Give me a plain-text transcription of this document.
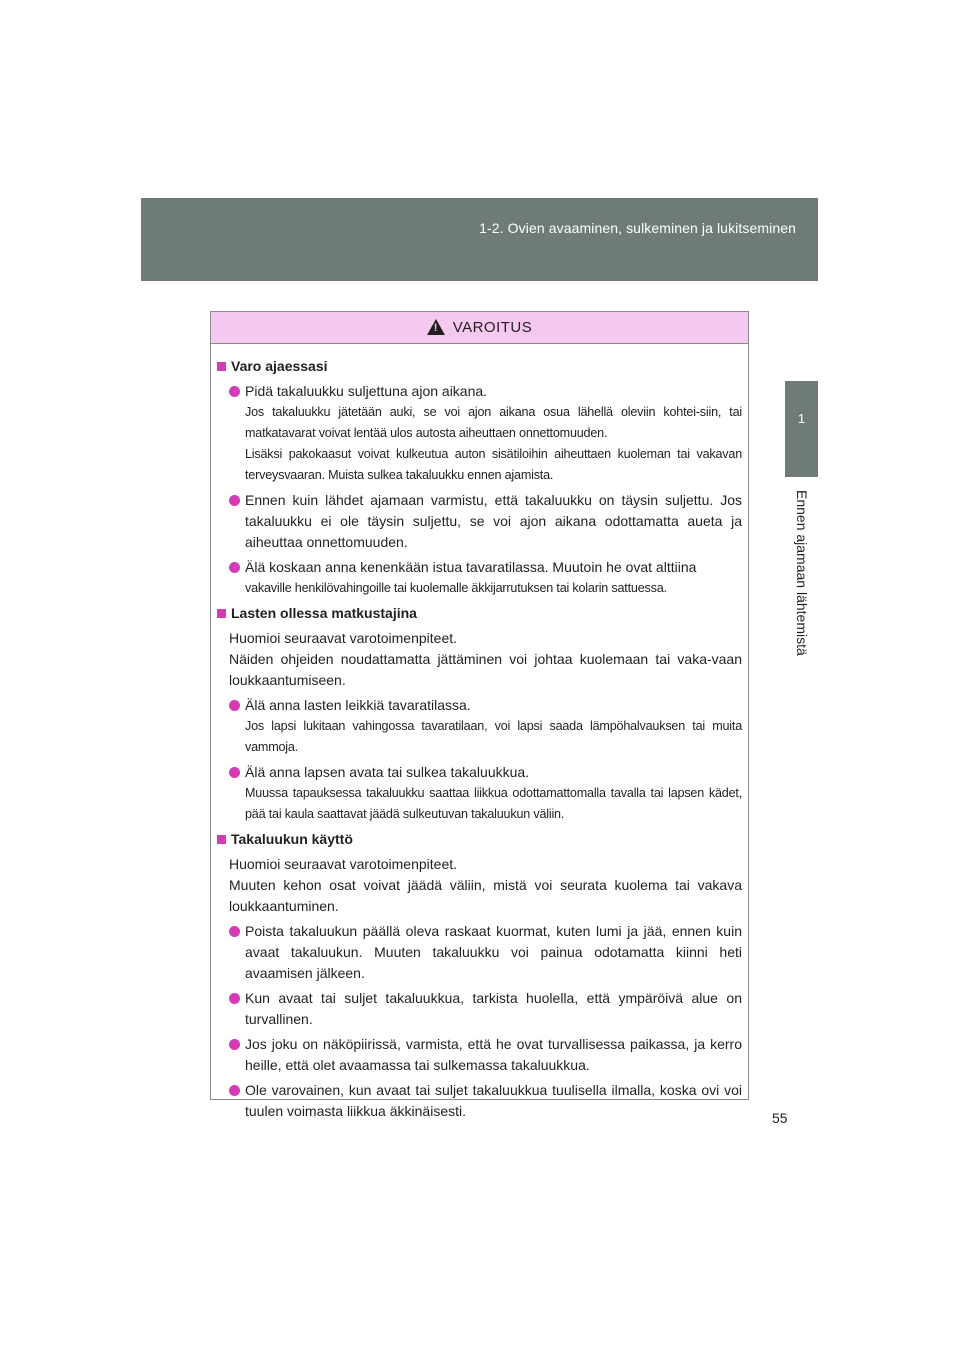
1-2. Ovien avaaminen, sulkeminen ja lukitseminen
1
Ennen ajamaan lähtemistä
! VAROITUS
Varo ajaessasi

Pidä takaluukku suljettuna ajon aikana.

Jos takaluukku jätetään auki, se voi ajon aikana osua lähellä oleviin kohtei-siin, tai matkatavarat voivat lentää ulos autosta aiheuttaen onnettomuuden.

Lisäksi pakokaasut voivat kulkeutua auton sisätiloihin aiheuttaen kuoleman tai vakavan terveysvaaran. Muista sulkea takaluukku ennen ajamista.

Ennen kuin lähdet ajamaan varmistu, että takaluukku on täysin suljettu. Jos takaluukku ei ole täysin suljettu, se voi ajon aikana odottamatta aueta ja aiheuttaa onnettomuuden.

Älä koskaan anna kenenkään istua tavaratilassa. Muutoin he ovat alttiina

vakaville henkilövahingoille tai kuolemalle äkkijarrutuksen tai kolarin sattuessa.

Lasten ollessa matkustajina

Huomioi seuraavat varotoimenpiteet.

Näiden ohjeiden noudattamatta jättäminen voi johtaa kuolemaan tai vaka-vaan loukkaantumiseen.

Älä anna lasten leikkiä tavaratilassa.

Jos lapsi lukitaan vahingossa tavaratilaan, voi lapsi saada lämpöhalvauksen tai muita vammoja.

Älä anna lapsen avata tai sulkea takaluukkua.

Muussa tapauksessa takaluukku saattaa liikkua odottamattomalla tavalla tai lapsen kädet, pää tai kaula saattavat jäädä sulkeutuvan takaluukun väliin.

Takaluukun käyttö

Huomioi seuraavat varotoimenpiteet.

Muuten kehon osat voivat jäädä väliin, mistä voi seurata kuolema tai vakava loukkaantuminen.

Poista takaluukun päällä oleva raskaat kuormat, kuten lumi ja jää, ennen kuin avaat takaluukun. Muuten takaluukku voi painua odotamatta kiinni heti avaamisen jälkeen.

Kun avaat tai suljet takaluukkua, tarkista huolella, että ympäröivä alue on turvallinen.

Jos joku on näköpiirissä, varmista, että he ovat turvallisessa paikassa, ja kerro heille, että olet avaamassa tai sulkemassa takaluukkua.

Ole varovainen, kun avaat tai suljet takaluukkua tuulisella ilmalla, koska ovi voi tuulen voimasta liikkua äkkinäisesti.	55
